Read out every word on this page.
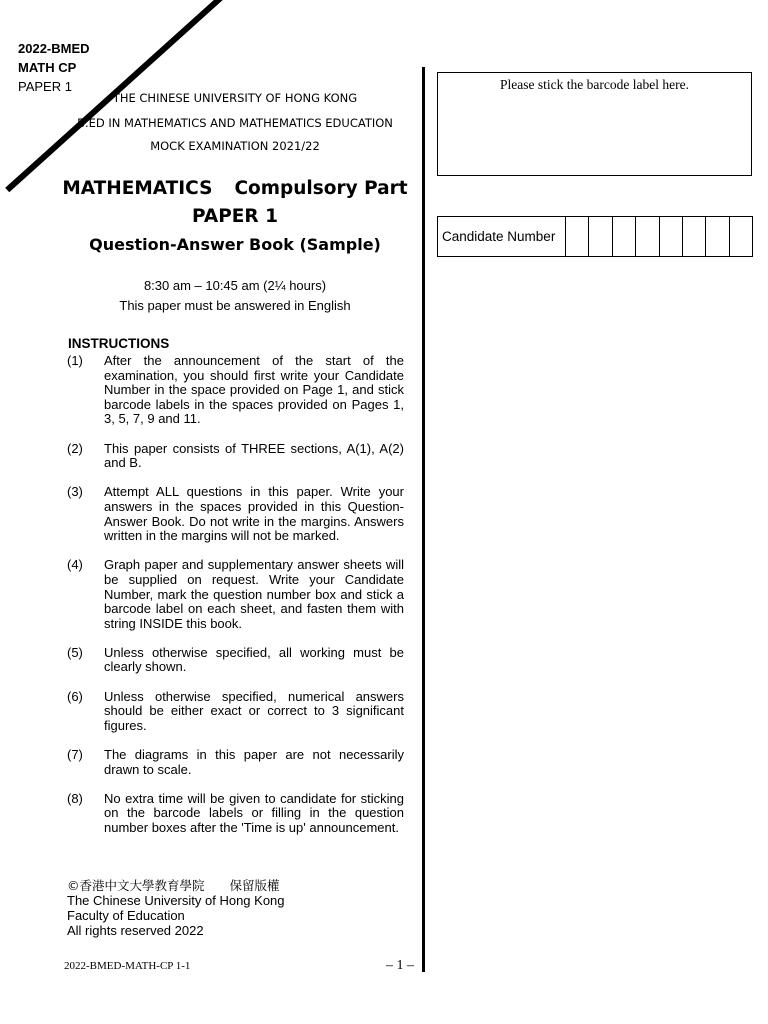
2022-BMED
MATH CP
PAPER 1
THE CHINESE UNIVERSITY OF HONG KONG
B.ED IN MATHEMATICS AND MATHEMATICS EDUCATION
MOCK EXAMINATION 2021/22
MATHEMATICS Compulsory Part
PAPER 1
Question-Answer Book (Sample)
8:30 am – 10:45 am (2¼ hours)
This paper must be answered in English
INSTRUCTIONS
(1)	After the announcement of the start of the examination, you should first write your Candidate Number in the space provided on Page 1, and stick barcode labels in the spaces provided on Pages 1, 3, 5, 7, 9 and 11.
(2)	This paper consists of THREE sections, A(1), A(2) and B.
(3)	Attempt ALL questions in this paper. Write your answers in the spaces provided in this Question-Answer Book. Do not write in the margins. Answers written in the margins will not be marked.
(4)	Graph paper and supplementary answer sheets will be supplied on request. Write your Candidate Number, mark the question number box and stick a barcode label on each sheet, and fasten them with string INSIDE this book.
(5)	Unless otherwise specified, all working must be clearly shown.
(6)	Unless otherwise specified, numerical answers should be either exact or correct to 3 significant figures.
(7)	The diagrams in this paper are not necessarily drawn to scale.
(8)	No extra time will be given to candidate for sticking on the barcode labels or filling in the question number boxes after the 'Time is up' announcement.
©香港中文大學教育學院　　保留版權
The Chinese University of Hong Kong
Faculty of Education
All rights reserved 2022
2022-BMED-MATH-CP 1-1	– 1 –
Please stick the barcode label here.
Candidate Number
